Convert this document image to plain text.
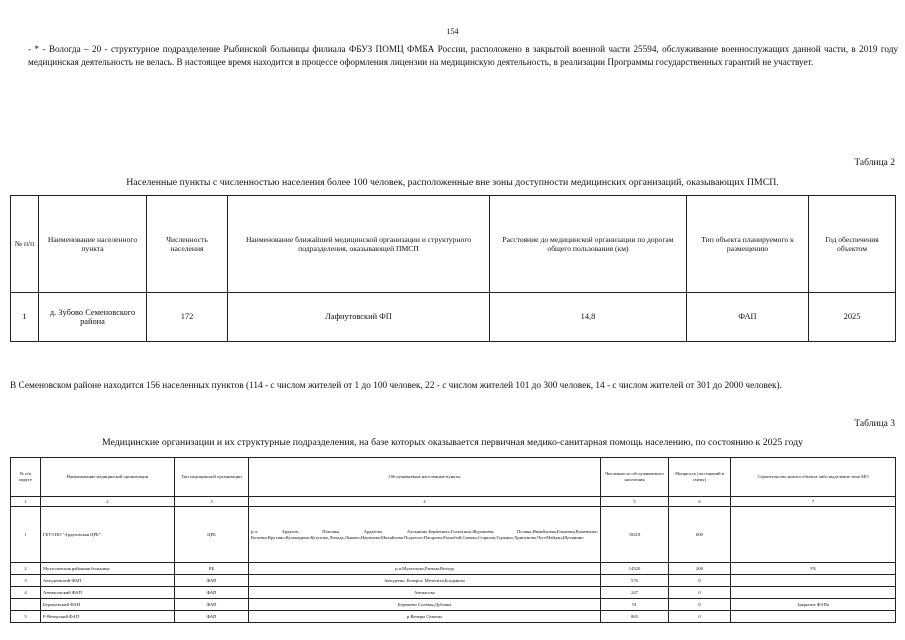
154
- * - Вологда – 20 - структурное подразделение Рыбинской больницы филиала ФБУЗ ПОМЦ ФМБА России, расположено в закрытой военной части 25594, обслуживание военнослужащих данной части, в 2019 году медицинская деятельность не велась. В настоящее время находится в процессе оформления лицензии на медицинскую деятельность, в реализации Программы государственных гарантий не участвует.
Таблица 2
Населенные пункты с численностью населения более 100 человек, расположенные вне зоны доступности медицинских организаций, оказывающих ПМСП.
№ п/п	Наименование населенного пункта	Численность населения	Наименование ближайшей медицинской организации и структурного подразделения, оказывающей ПМСП	Расстояние до медицинской организации по дорогам общего пользования (км)	Тип объекта планируемого к размещению	Год обеспечения объектом
1	д. Зубово Семеновского района	172	Лафнутовский ФП	14,8	ФАП	2025
В Семеновском районе находится 156 населенных пунктов (114 - с числом жителей от 1 до 100 человек, 22 - с числом жителей 101 до 300 человек, 14 - с числом жителей от 301 до 2000 человек).
Таблица 3
Медицинские организации и их структурные подразделения, на базе которых оказывается первичная медико-санитарная помощь населению, по состоянию к 2025 году
№ п/п округе	Наименование медицинской организации	Тип медицинской организации	Обслуживаемые населенные пункты	Численность обслуживаемого населения	Мощность (посещений в смену)	Строительство нового объекта либо выделение типа МО
1	2	3	4	5	6	7
1	ГБУЗ НО "Ардатовская ЦРБ"	ЦРБ	р.п. Ардатов, Поповка, Ардатово, Ахлынино,Бермениха,Голяхтино,Журовлёва Поляна,Иванйловка,Елкаевка,Кожевенье, Котовка,Крутино,Кузьмадино,Кутузово,Личадь,Лыково,Наумовка,Михайлова Подлесье,Пасарево,Разнобой,Сиенка,Старшов,Гуркино,Хрипунова,Чуп-Майдан,Щетинино	18418	600	
2	Мухтоловская районная больница	РБ	р.п.Мухтолово,Ризьма,Веледа	14320	200	УБ
3	Автодеевский ФАП	ФАП	Автодеево, Кочерга, Мечетиха,Богданово	576	0	
4	Атемасовский ФАП	ФАП	Атемасово	247	0	
	Берешевский ФАП	ФАП	Берешево Солёмы,Дубовка	91	0	Закрытие ФАПа
5	Р-Вечерский ФАП	ФАП	р.Вечеры Сёмены	865	0	
